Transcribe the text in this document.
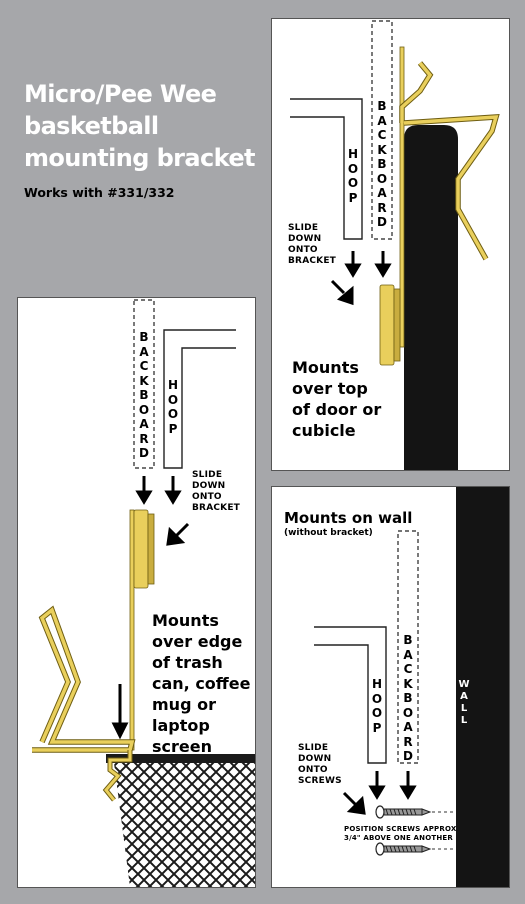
Micro/Pee Wee basketball mounting bracket
Works with #331/332
BACKBOARD
HOOP
SLIDE DOWN ONTO BRACKET
Mounts over top of door or cubicle
BACKBOARD
HOOP
SLIDE DOWN ONTO BRACKET
Mounts over edge of trash can, coffee mug or laptop screen
Mounts on wall
(without bracket)
BACKBOARD
HOOP
WALL
SLIDE DOWN ONTO SCREWS
POSITION SCREWS APPROX 3/4" ABOVE ONE ANOTHER
